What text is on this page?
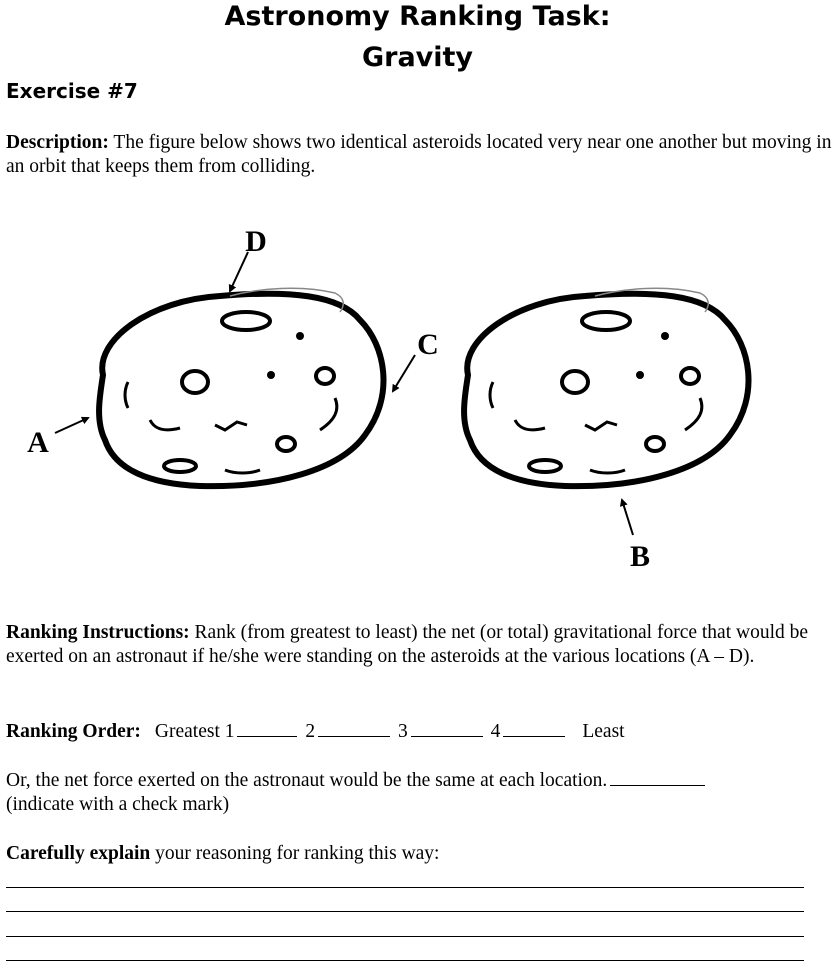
Astronomy Ranking Task:
Gravity
Exercise #7
Description: The figure below shows two identical asteroids located very near one another but moving in an orbit that keeps them from colliding.
D
C
A
B
Ranking Instructions: Rank (from greatest to least) the net (or total) gravitational force that would be exerted on an astronaut if he/she were standing on the asteroids at the various locations (A – D).
Ranking Order: Greatest 1	2	3	4	Least
Or, the net force exerted on the astronaut would be the same at each location.
(indicate with a check mark)
Carefully explain your reasoning for ranking this way:
